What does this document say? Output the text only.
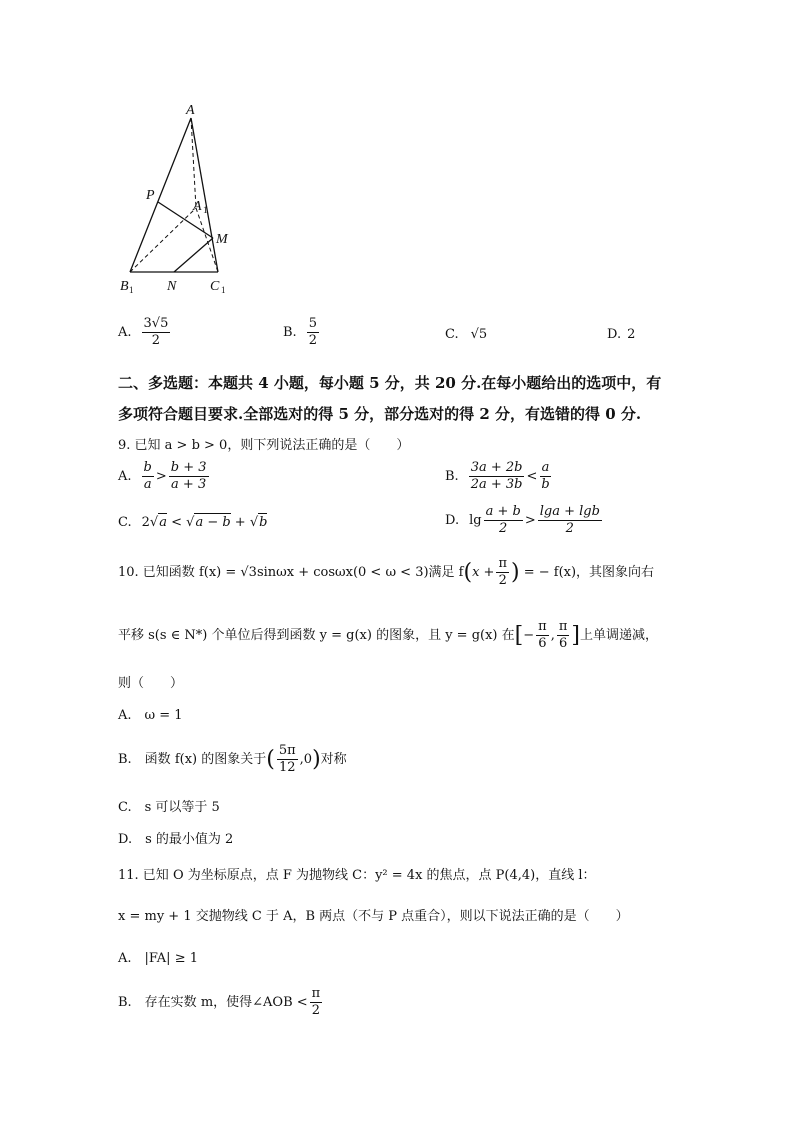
A
P
A 1
M
B 1 N C 1
A. $\frac{3√5}{2}$	B. $\frac{5}{2}$	C. √5	D. 2
二、多选题：本题共 4 小题，每小题 5 分，共 20 分.在每小题给出的选项中，有
多项符合题目要求.全部选对的得 5 分，部分选对的得 2 分，有选错的得 0 分.
9. 已知 a > b > 0，则下列说法正确的是（　　）
A. $\frac{b}{a} > \frac{b + 3}{a + 3}$	B. $\frac{3a + 2b}{2a + 3b} < \frac{a}{b}$
C. 2 √ a < √ a − b + √ b	D. $\lg \frac{a + b}{2} > \frac{\lg a + \lg b}{2}$
10. 已知函数 f(x) = √3sinωx + cosωx(0 < ω < 3)满足 f ( $x + \frac{\pi}{2}$ ) = − f(x)，其图象向右
平移 s(s ∈ N*) 个单位后得到函数 y = g(x) 的图象，且 y = g(x) 在 [ − $\frac{\pi}{6}$ , $\frac{\pi}{6}$ ] 上单调递减，
则（　　）
A.　ω = 1
B.　函数 f(x) 的图象关于 ( $\frac{5\pi}{12} ,0$ ) 对称
C.　s 可以等于 5
D.　s 的最小值为 2
11. 已知 O 为坐标原点，点 F 为抛物线 C：y² = 4x 的焦点，点 P(4,4)，直线 l：
x = my + 1 交抛物线 C 于 A，B 两点（不与 P 点重合），则以下说法正确的是（　　）
A.　|FA| ≥ 1
B.　存在实数 m，使得∠AOB < $\frac{\pi}{2}$
